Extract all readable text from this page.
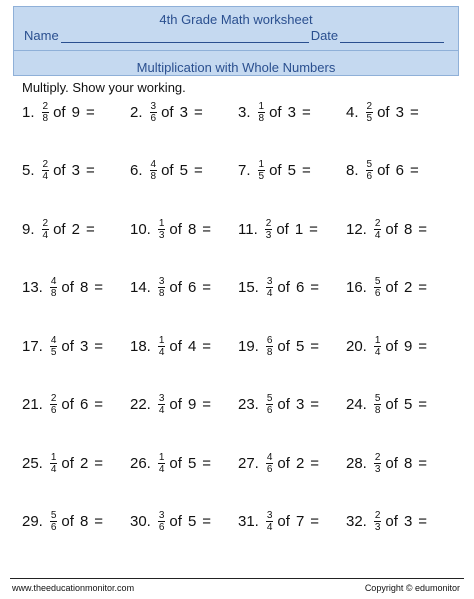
4th Grade Math worksheet
Name	Date
Multiplication with Whole Numbers
Multiply. Show your working.
1. $\frac{2}{8}$ of 9 = 2. $\frac{3}{6}$ of 3 = 3. $\frac{1}{8}$ of 3 = 4. $\frac{2}{5}$ of 3 =
5. $\frac{2}{4}$ of 3 = 6. $\frac{4}{8}$ of 5 = 7. $\frac{1}{5}$ of 5 = 8. $\frac{5}{6}$ of 6 =
9. $\frac{2}{4}$ of 2 = 10. $\frac{1}{3}$ of 8 = 11. $\frac{2}{3}$ of 1 = 12. $\frac{2}{4}$ of 8 =
13. $\frac{4}{8}$ of 8 = 14. $\frac{3}{8}$ of 6 = 15. $\frac{3}{4}$ of 6 = 16. $\frac{5}{6}$ of 2 =
17. $\frac{4}{5}$ of 3 = 18. $\frac{1}{4}$ of 4 = 19. $\frac{6}{8}$ of 5 = 20. $\frac{1}{4}$ of 9 =
21. $\frac{2}{6}$ of 6 = 22. $\frac{3}{4}$ of 9 = 23. $\frac{5}{6}$ of 3 = 24. $\frac{5}{8}$ of 5 =
25. $\frac{1}{4}$ of 2 = 26. $\frac{1}{4}$ of 5 = 27. $\frac{4}{6}$ of 2 = 28. $\frac{2}{3}$ of 8 =
29. $\frac{5}{6}$ of 8 = 30. $\frac{3}{6}$ of 5 = 31. $\frac{3}{4}$ of 7 = 32. $\frac{2}{3}$ of 3 =
www.theeducationmonitor.com	Copyright © edumonitor
